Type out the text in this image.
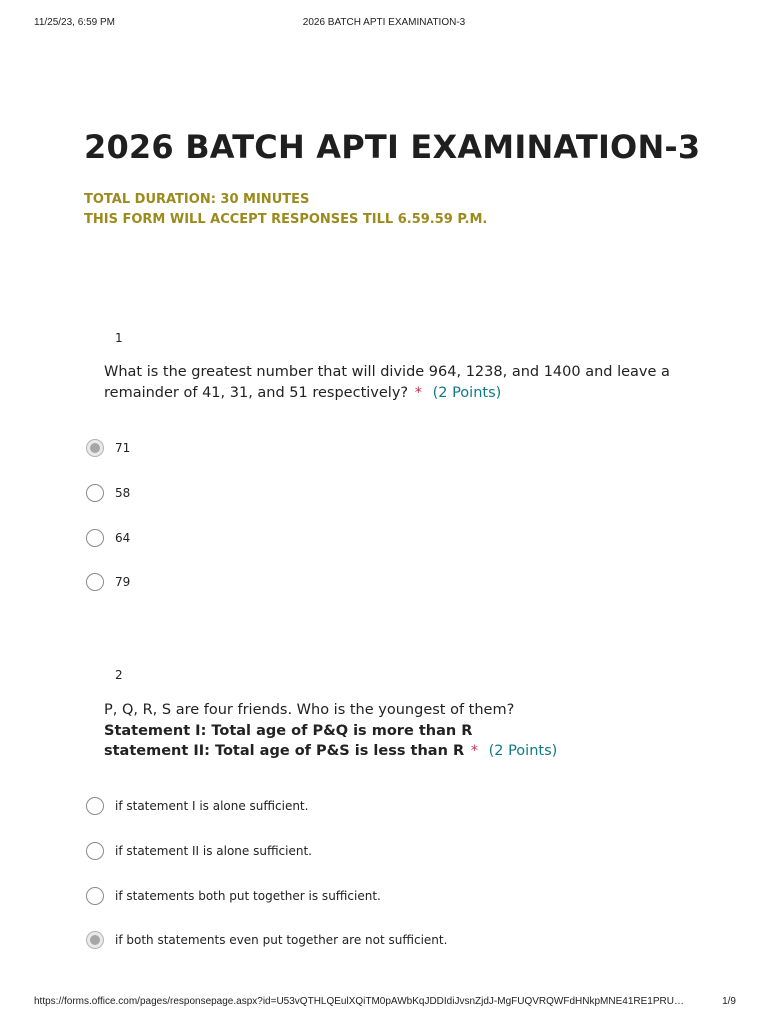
11/25/23, 6:59 PM	2026 BATCH APTI EXAMINATION-3
2026 BATCH APTI EXAMINATION-3
TOTAL DURATION: 30 MINUTES
THIS FORM WILL ACCEPT RESPONSES TILL 6.59.59 P.M.
1
What is the greatest number that will divide 964, 1238, and 1400 and leave a remainder of 41, 31, and 51 respectively? * (2 Points)
71
58
64
79
2
P, Q, R, S are four friends. Who is the youngest of them?
Statement I: Total age of P&Q is more than R
statement II: Total age of P&S is less than R * (2 Points)
if statement I is alone sufficient.
if statement II is alone sufficient.
if statements both put together is sufficient.
if both statements even put together are not sufficient.
https://forms.office.com/pages/responsepage.aspx?id=U53vQTHLQEulXQiTM0pAWbKqJDDIdiJvsnZjdJ-MgFUQVRQWFdHNkpMNE41RE1PRU…	1/9
